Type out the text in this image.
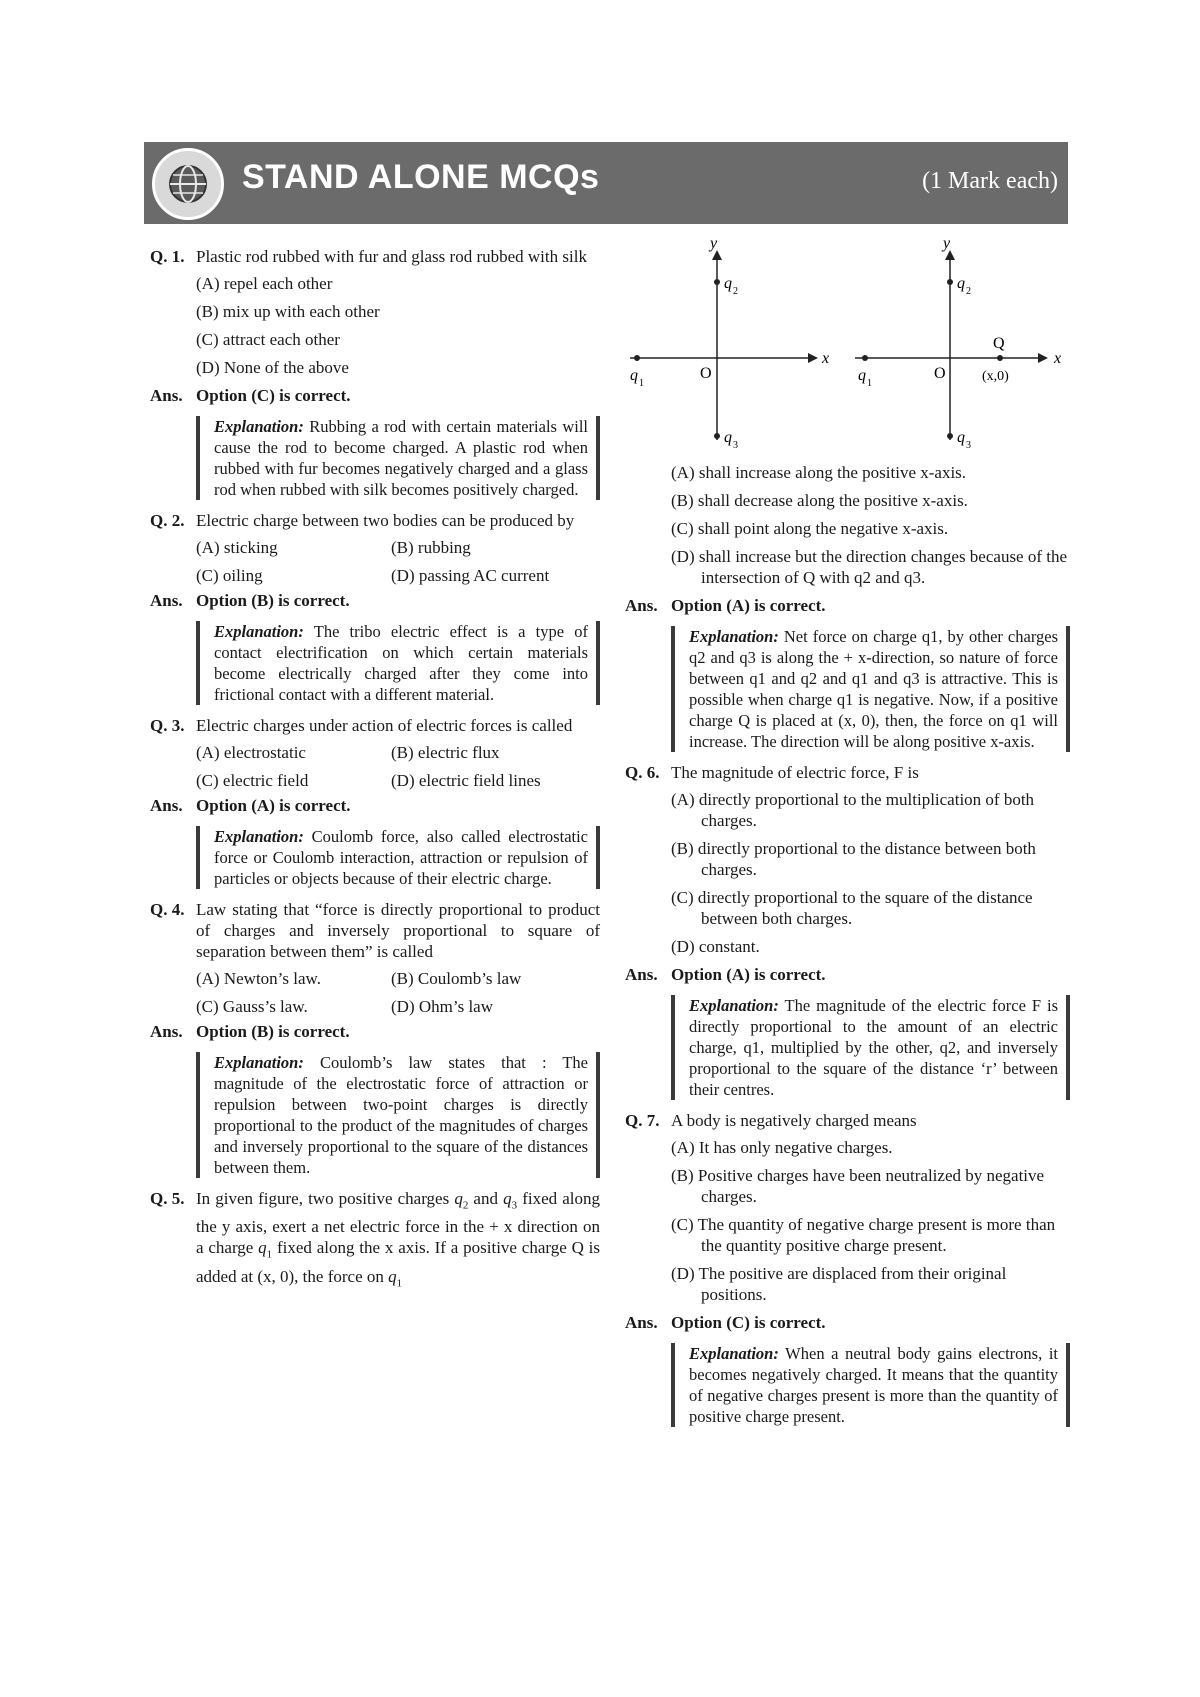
STAND ALONE MCQs	(1 Mark each)
Q. 1. Plastic rod rubbed with fur and glass rod rubbed with silk
(A) repel each other
(B) mix up with each other
(C) attract each other
(D) None of the above
Ans. Option (C) is correct.
Explanation: Rubbing a rod with certain materials will cause the rod to become charged. A plastic rod when rubbed with fur becomes negatively charged and a glass rod when rubbed with silk becomes positively charged.
Q. 2. Electric charge between two bodies can be produced by
(A) sticking	(B) rubbing
(C) oiling	(D) passing AC current
Ans. Option (B) is correct.
Explanation: The tribo electric effect is a type of contact electrification on which certain materials become electrically charged after they come into frictional contact with a different material.
Q. 3. Electric charges under action of electric forces is called
(A) electrostatic	(B) electric flux
(C) electric field	(D) electric field lines
Ans. Option (A) is correct.
Explanation: Coulomb force, also called electrostatic force or Coulomb interaction, attraction or repulsion of particles or objects because of their electric charge.
Q. 4. Law stating that “force is directly proportional to product of charges and inversely proportional to square of separation between them” is called
(A) Newton’s law.	(B) Coulomb’s law
(C) Gauss’s law.	(D) Ohm’s law
Ans. Option (B) is correct.
Explanation: Coulomb’s law states that : The magnitude of the electrostatic force of attraction or repulsion between two-point charges is directly proportional to the product of the magnitudes of charges and inversely proportional to the square of the distances between them.
Q. 5. In given figure, two positive charges $q_2$ and $q_3$ fixed along the y axis, exert a net electric force in the + x direction on a charge $q_1$ fixed along the x axis. If a positive charge Q is added at (x, 0), the force on $q_1$
y
x
O
q 2
q 3
q 1
y
x
O
q 2
q 3
q 1
Q
(x,0)
(A) shall increase along the positive x-axis.
(B) shall decrease along the positive x-axis.
(C) shall point along the negative x-axis.
(D) shall increase but the direction changes because of the intersection of Q with q2 and q3.
Ans. Option (A) is correct.
Explanation: Net force on charge q1, by other charges q2 and q3 is along the + x-direction, so nature of force between q1 and q2 and q1 and q3 is attractive. This is possible when charge q1 is negative. Now, if a positive charge Q is placed at (x, 0), then, the force on q1 will increase. The direction will be along positive x-axis.
Q. 6. The magnitude of electric force, F is
(A) directly proportional to the multiplication of both charges.
(B) directly proportional to the distance between both charges.
(C) directly proportional to the square of the distance between both charges.
(D) constant.
Ans. Option (A) is correct.
Explanation: The magnitude of the electric force F is directly proportional to the amount of an electric charge, q1, multiplied by the other, q2, and inversely proportional to the square of the distance ‘r’ between their centres.
Q. 7. A body is negatively charged means
(A) It has only negative charges.
(B) Positive charges have been neutralized by negative charges.
(C) The quantity of negative charge present is more than the quantity positive charge present.
(D) The positive are displaced from their original positions.
Ans. Option (C) is correct.
Explanation: When a neutral body gains electrons, it becomes negatively charged. It means that the quantity of negative charges present is more than the quantity of positive charge present.
